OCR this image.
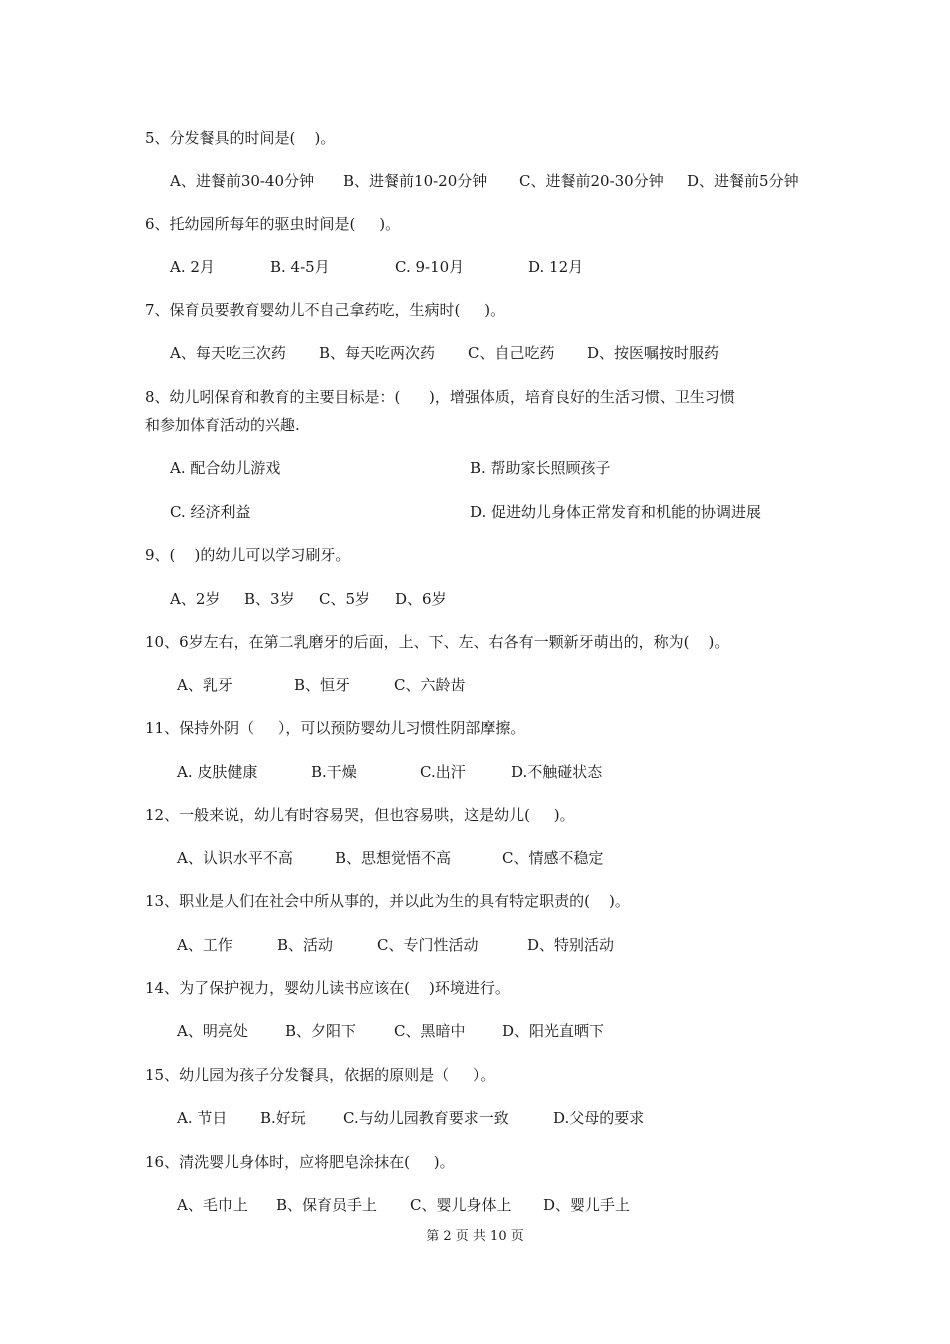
5、分发餐具的时间是(    )。
A、进餐前30-40分钟 B、进餐前10-20分钟 C、进餐前20-30分钟 D、进餐前5分钟
6、托幼园所每年的驱虫时间是(     )。
A. 2月	B. 4-5月	C. 9-10月	D. 12月
7、保育员要教育婴幼儿不自己拿药吃，生病时(     )。
A、每天吃三次药 B、每天吃两次药 C、自己吃药 D、按医嘱按时服药
8、幼儿吲保育和教育的主要目标是：(      )，增强体质，培育良好的生活习惯、卫生习惯
和参加体育活动的兴趣.
A. 配合幼儿游戏	B. 帮助家长照顾孩子
C. 经济利益	D. 促进幼儿身体正常发育和机能的协调进展
9、(    )的幼儿可以学习刷牙。
A、2岁 B、3岁 C、5岁 D、6岁
10、6岁左右，在第二乳磨牙的后面，上、下、左、右各有一颗新牙萌出的，称为(    )。
A、乳牙	B、恒牙	C、六龄齿
11、保持外阴（     ），可以预防婴幼儿习惯性阴部摩擦。
A. 皮肤健康	B.干燥	C.出汗	D.不触碰状态
12、一般来说，幼儿有时容易哭，但也容易哄，这是幼儿(     )。
A、认识水平不高	B、思想觉悟不高	C、情感不稳定
13、职业是人们在社会中所从事的，并以此为生的具有特定职责的(    )。
A、工作	B、活动	C、专门性活动	D、特别活动
14、为了保护视力，婴幼儿读书应该在(    )环境进行。
A、明亮处 B、夕阳下	C、黑暗中 D、阳光直晒下
15、幼儿园为孩子分发餐具，依据的原则是（     ）。
A. 节日 B.好玩 C.与幼儿园教育要求一致	D.父母的要求
16、清洗婴儿身体时，应将肥皂涂抹在(     )。
A、毛巾上 B、保育员手上 C、婴儿身体上 D、婴儿手上
第 2 页 共 10 页
